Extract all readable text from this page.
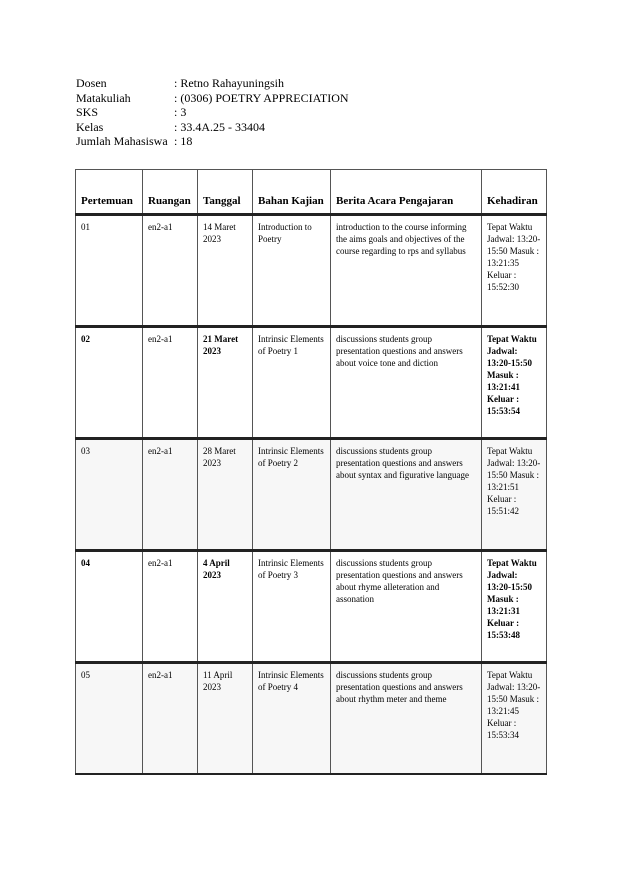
Dosen	: Retno Rahayuningsih
Matakuliah	: (0306) POETRY APPRECIATION
SKS	: 3
Kelas	: 33.4A.25 - 33404
Jumlah Mahasiswa : 18
Pertemuan	Ruangan	Tanggal	Bahan Kajian	Berita Acara Pengajaran	Kehadiran
01	en2-a1	14 Maret 2023	Introduction to Poetry	introduction to the course informing the aims goals and objectives of the course regarding to rps and syllabus	Tepat Waktu Jadwal: 13:20-15:50 Masuk : 13:21:35 Keluar : 15:52:30
02	en2-a1	21 Maret 2023	Intrinsic Elements of Poetry 1	discussions students group presentation questions and answers about voice tone and diction	Tepat Waktu Jadwal: 13:20-15:50 Masuk : 13:21:41 Keluar : 15:53:54
03	en2-a1	28 Maret 2023	Intrinsic Elements of Poetry 2	discussions students group presentation questions and answers about syntax and figurative language	Tepat Waktu Jadwal: 13:20-15:50 Masuk : 13:21:51 Keluar : 15:51:42
04	en2-a1	4 April 2023	Intrinsic Elements of Poetry 3	discussions students group presentation questions and answers about rhyme alleteration and assonation	Tepat Waktu Jadwal: 13:20-15:50 Masuk : 13:21:31 Keluar : 15:53:48
05	en2-a1	11 April 2023	Intrinsic Elements of Poetry 4	discussions students group presentation questions and answers about rhythm meter and theme	Tepat Waktu Jadwal: 13:20-15:50 Masuk : 13:21:45 Keluar : 15:53:34
